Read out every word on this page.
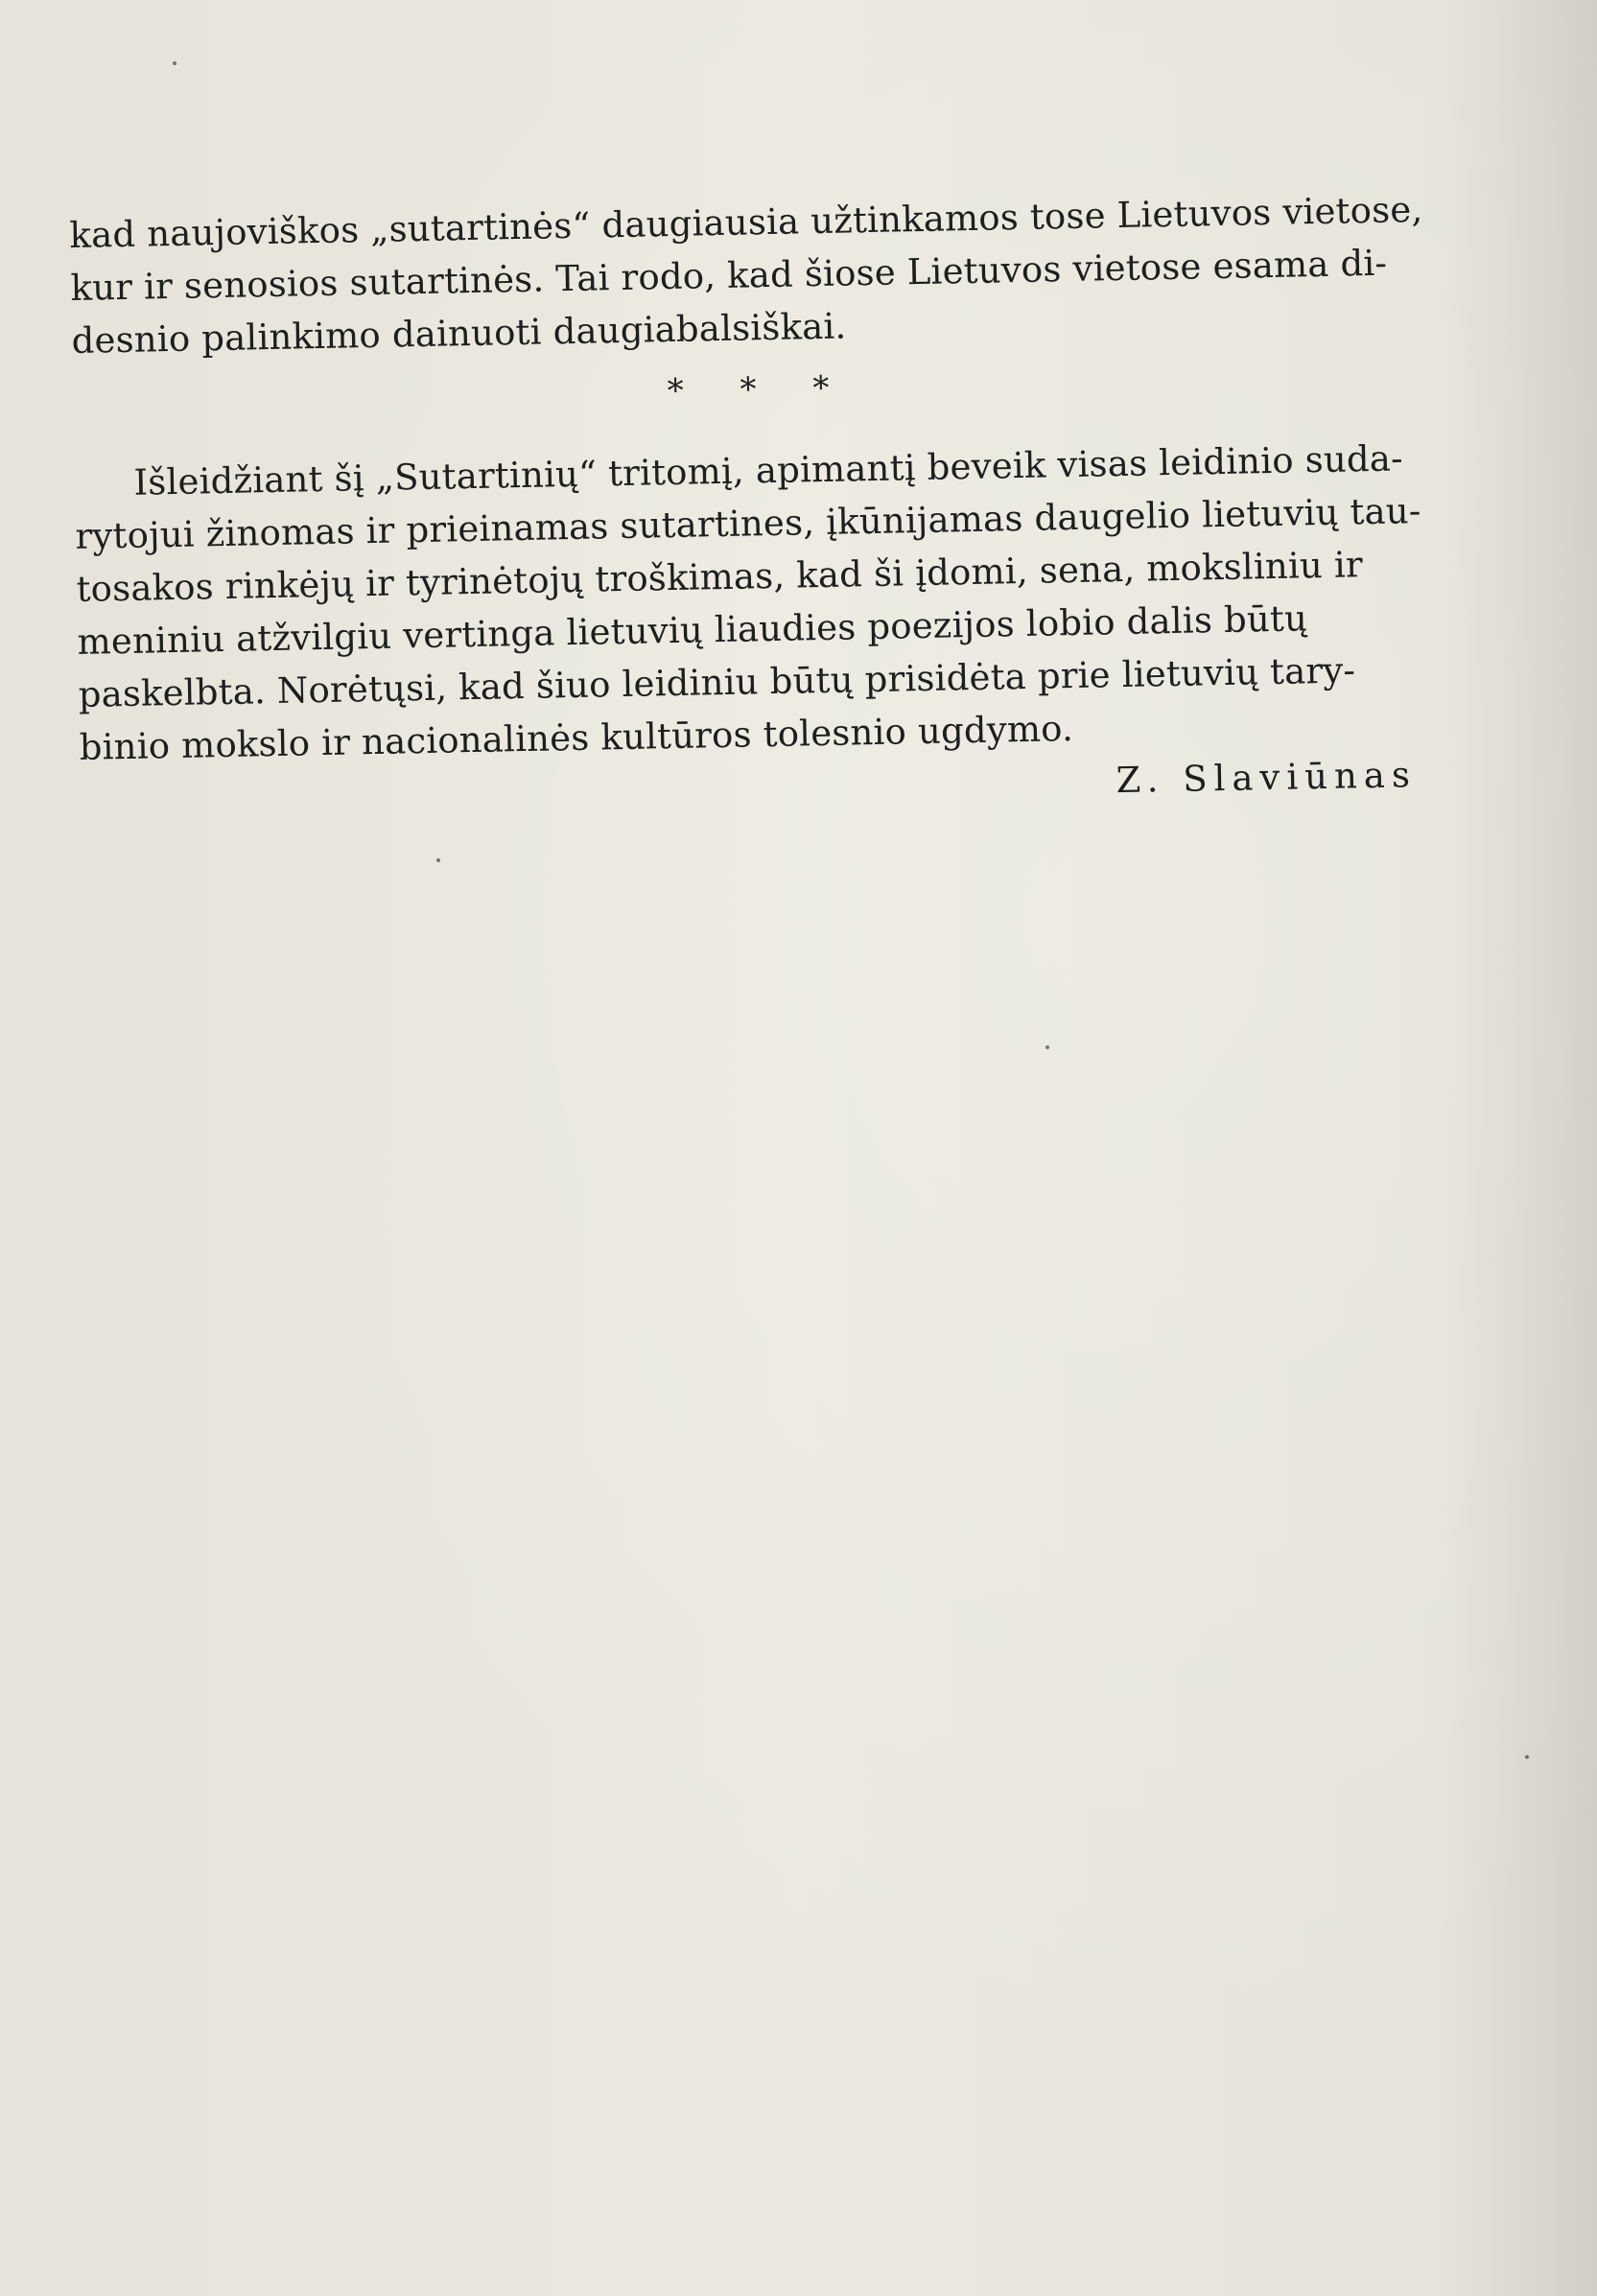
kad naujoviškos „sutartinės“ daugiausia užtinkamos tose Lietuvos vietose,
kur ir senosios sutartinės. Tai rodo, kad šiose Lietuvos vietose esama di-
desnio palinkimo dainuoti daugiabalsiškai.
* * *
Išleidžiant šį „Sutartinių“ tritomį, apimantį beveik visas leidinio suda-
rytojui žinomas ir prieinamas sutartines, įkūnijamas daugelio lietuvių tau-
tosakos rinkėjų ir tyrinėtojų troškimas, kad ši įdomi, sena, moksliniu ir
meniniu atžvilgiu vertinga lietuvių liaudies poezijos lobio dalis būtų
paskelbta. Norėtųsi, kad šiuo leidiniu būtų prisidėta prie lietuvių tary-
binio mokslo ir nacionalinės kultūros tolesnio ugdymo.
Z. Slaviūnas
